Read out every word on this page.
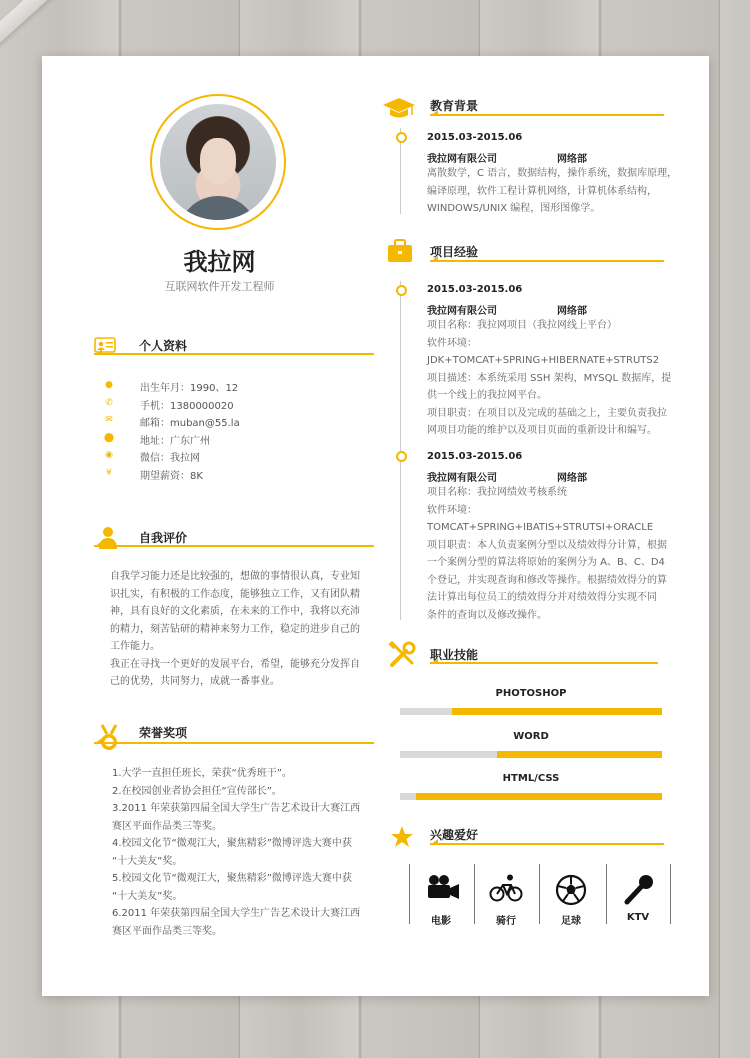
我拉网
互联网软件开发工程师
个人资料
●	出生年月：1990、12
✆	手机：1380000020
✉	邮箱：muban@55.la
⬤	地址：广东广州
◉	微信：我拉网
¥	期望薪资：8K
自我评价
自我学习能力还是比较强的，想做的事情很认真，专业知
识扎实，有积极的工作态度，能够独立工作，又有团队精
神，具有良好的文化素质，在未来的工作中，我将以充沛
的精力，刻苦钻研的精神来努力工作，稳定的进步自己的
工作能力。
我正在寻找一个更好的发展平台，希望，能够充分发挥自
己的优势，共同努力，成就一番事业。
荣誉奖项
1.大学一直担任班长，荣获“优秀班干”。
2.在校园创业者协会担任“宣传部长”。
3.2011 年荣获第四届全国大学生广告艺术设计大赛江西
赛区平面作品类三等奖。
4.校园文化节“微观江大，聚焦精彩”微博评选大赛中获
“十大美友”奖。
5.校园文化节“微观江大，聚焦精彩”微博评选大赛中获
“十大美友”奖。
6.2011 年荣获第四届全国大学生广告艺术设计大赛江西
赛区平面作品类三等奖。
教育背景
2015.03-2015.06
我拉网有限公司	网络部
离散数学，C 语言，数据结构，操作系统，数据库原理，
编译原理，软件工程计算机网络，计算机体系结构，
WINDOWS/UNIX 编程，图形图像学。
项目经验
2015.03-2015.06
我拉网有限公司	网络部
项目名称：我拉网项目（我拉网线上平台）
软件环境：
JDK+TOMCAT+SPRING+HIBERNATE+STRUTS2
项目描述：本系统采用 SSH 架构，MYSQL 数据库，提
供一个线上的我拉网平台。
项目职责：在项目以及完成的基础之上，主要负责我拉
网项目功能的维护以及项目页面的重新设计和编写。
2015.03-2015.06
我拉网有限公司	网络部
项目名称：我拉网绩效考核系统
软件环境：
TOMCAT+SPRING+IBATIS+STRUTSI+ORACLE
项目职责：本人负责案例分型以及绩效得分计算，根据
一个案例分型的算法将原始的案例分为 A、B、C、D4
个登记，并实现查询和修改等操作。根据绩效得分的算
法计算出每位员工的绩效得分并对绩效得分实现不同
条件的查询以及修改操作。
职业技能
PHOTOSHOP
WORD
HTML/CSS
兴趣爱好
电影	骑行	足球	KTV
